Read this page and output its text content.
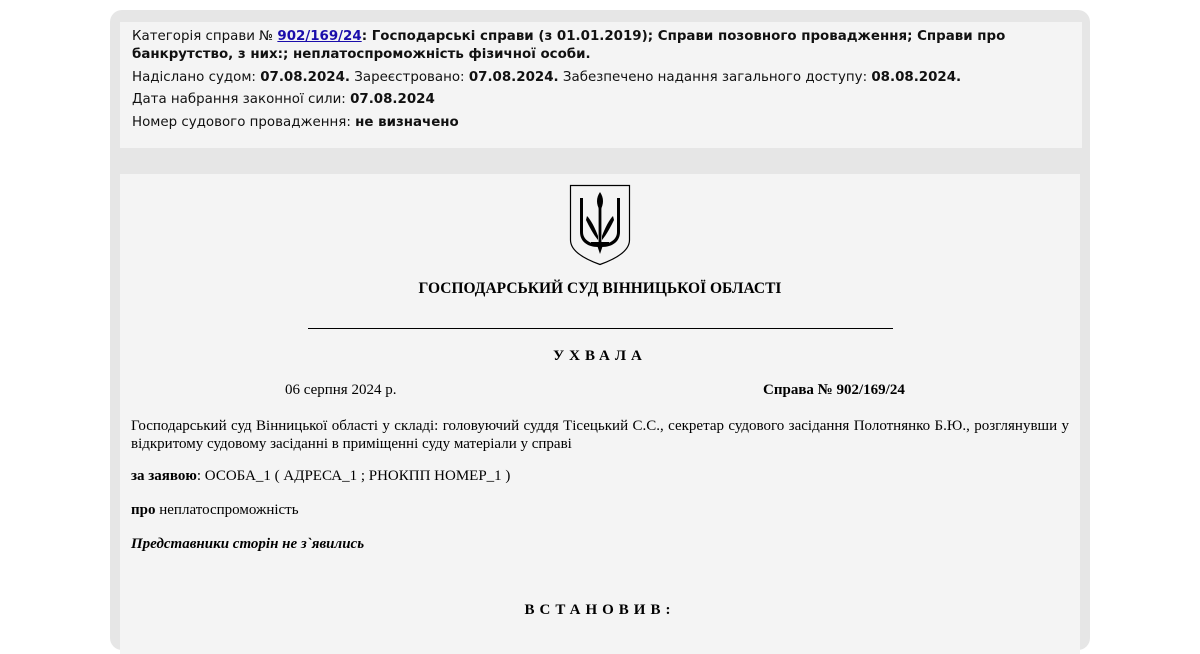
Категорія справи № 902/169/24: Господарські справи (з 01.01.2019); Справи позовного провадження; Справи про банкрутство, з них:; неплатоспроможність фізичної особи.
Надіслано судом: 07.08.2024. Зареєстровано: 07.08.2024. Забезпечено надання загального доступу: 08.08.2024.
Дата набрання законної сили: 07.08.2024
Номер судового провадження: не визначено
ГОСПОДАРСЬКИЙ СУД ВІННИЦЬКОЇ ОБЛАСТІ
УХВАЛА
06 серпня 2024 р.	Справа № 902/169/24
Господарський суд Вінницької області у складі: головуючий суддя Тісецький С.С., секретар судового засідання Полотнянко Б.Ю., розглянувши у відкритому судовому засіданні в приміщенні суду матеріали у справі
за заявою: ОСОБА_1 ( АДРЕСА_1 ; РНОКПП НОМЕР_1 )
про неплатоспроможність
Представники сторін не з`явились
ВСТАНОВИВ:
